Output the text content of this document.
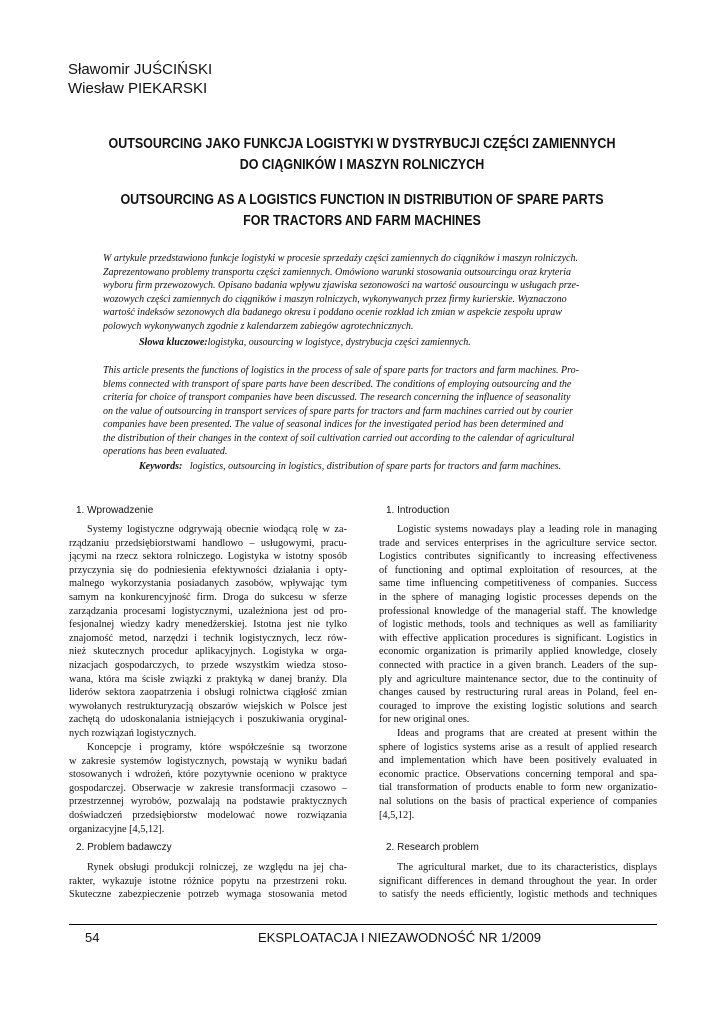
Sławomir JUŚCIŃSKI
Wiesław PIEKARSKI
OUTSOURCING JAKO FUNKCJA LOGISTYKI W DYSTRYBUCJI CZĘŚCI ZAMIENNYCH
DO CIĄGNIKÓW I MASZYN ROLNICZYCH
OUTSOURCING AS A LOGISTICS FUNCTION IN DISTRIBUTION OF SPARE PARTS
FOR TRACTORS AND FARM MACHINES
W artykule przedstawiono funkcje logistyki w procesie sprzedaży części zamiennych do ciągników i maszyn rolniczych.
Zaprezentowano problemy transportu części zamiennych. Omówiono warunki stosowania outsourcingu oraz kryteria
wyboru firm przewozowych. Opisano badania wpływu zjawiska sezonowości na wartość ousourcingu w usługach prze-
wozowych części zamiennych do ciągników i maszyn rolniczych, wykonywanych przez firmy kurierskie. Wyznaczono
wartość indeksów sezonowych dla badanego okresu i poddano ocenie rozkład ich zmian w aspekcie zespołu upraw
polowych wykonywanych zgodnie z kalendarzem zabiegów agrotechnicznych.
Słowa kluczowe:logistyka, ousourcing w logistyce, dystrybucja części zamiennych.
This article presents the functions of logistics in the process of sale of spare parts for tractors and farm machines. Pro-
blems connected with transport of spare parts have been described. The conditions of employing outsourcing and the
criteria for choice of transport companies have been discussed. The research concerning the influence of seasonality
on the value of outsourcing in transport services of spare parts for tractors and farm machines carried out by courier
companies have been presented. The value of seasonal indices for the investigated period has been determined and
the distribution of their changes in the context of soil cultivation carried out according to the calendar of agricultural
operations has been evaluated.
Keywords: logistics, outsourcing in logistics, distribution of spare parts for tractors and farm machines.
1. Wprowadzenie
Systemy logistyczne odgrywają obecnie wiodącą rolę w za-
rządzaniu przedsiębiorstwami handlowo – usługowymi, pracu-
jącymi na rzecz sektora rolniczego. Logistyka w istotny sposób
przyczynia się do podniesienia efektywności działania i opty-
malnego wykorzystania posiadanych zasobów, wpływając tym
samym na konkurencyjność firm. Droga do sukcesu w sferze
zarządzania procesami logistycznymi, uzależniona jest od pro-
fesjonalnej wiedzy kadry menedżerskiej. Istotna jest nie tylko
znajomość metod, narzędzi i technik logistycznych, lecz rów-
nież skutecznych procedur aplikacyjnych. Logistyka w orga-
nizacjach gospodarczych, to przede wszystkim wiedza stoso-
wana, która ma ścisłe związki z praktyką w danej branży. Dla
liderów sektora zaopatrzenia i obsługi rolnictwa ciągłość zmian
wywołanych restrukturyzacją obszarów wiejskich w Polsce jest
zachętą do udoskonalania istniejących i poszukiwania oryginal-
nych rozwiązań logistycznych.
Koncepcje i programy, które współcześnie są tworzone
w zakresie systemów logistycznych, powstają w wyniku badań
stosowanych i wdrożeń, które pozytywnie oceniono w praktyce
gospodarczej. Obserwacje w zakresie transformacji czasowo –
przestrzennej wyrobów, pozwalają na podstawie praktycznych
doświadczeń przedsiębiorstw modelować nowe rozwiązania
organizacyjne [4,5,12].
2. Problem badawczy
Rynek obsługi produkcji rolniczej, ze względu na jej cha-
rakter, wykazuje istotne różnice popytu na przestrzeni roku.
Skuteczne zabezpieczenie potrzeb wymaga stosowania metod
1. Introduction
Logistic systems nowadays play a leading role in managing
trade and services enterprises in the agriculture service sector.
Logistics contributes significantly to increasing effectiveness
of functioning and optimal exploitation of resources, at the
same time influencing competitiveness of companies. Success
in the sphere of managing logistic processes depends on the
professional knowledge of the managerial staff. The knowledge
of logistic methods, tools and techniques as well as familiarity
with effective application procedures is significant. Logistics in
economic organization is primarily applied knowledge, closely
connected with practice in a given branch. Leaders of the sup-
ply and agriculture maintenance sector, due to the continuity of
changes caused by restructuring rural areas in Poland, feel en-
couraged to improve the existing logistic solutions and search
for new original ones.
Ideas and programs that are created at present within the
sphere of logistics systems arise as a result of applied research
and implementation which have been positively evaluated in
economic practice. Observations concerning temporal and spa-
tial transformation of products enable to form new organizatio-
nal solutions on the basis of practical experience of companies
[4,5,12].
2. Research problem
The agricultural market, due to its characteristics, displays
significant differences in demand throughout the year. In order
to satisfy the needs efficiently, logistic methods and techniques
54	EKSPLOATACJA I NIEZAWODNOŚĆ NR 1/2009
